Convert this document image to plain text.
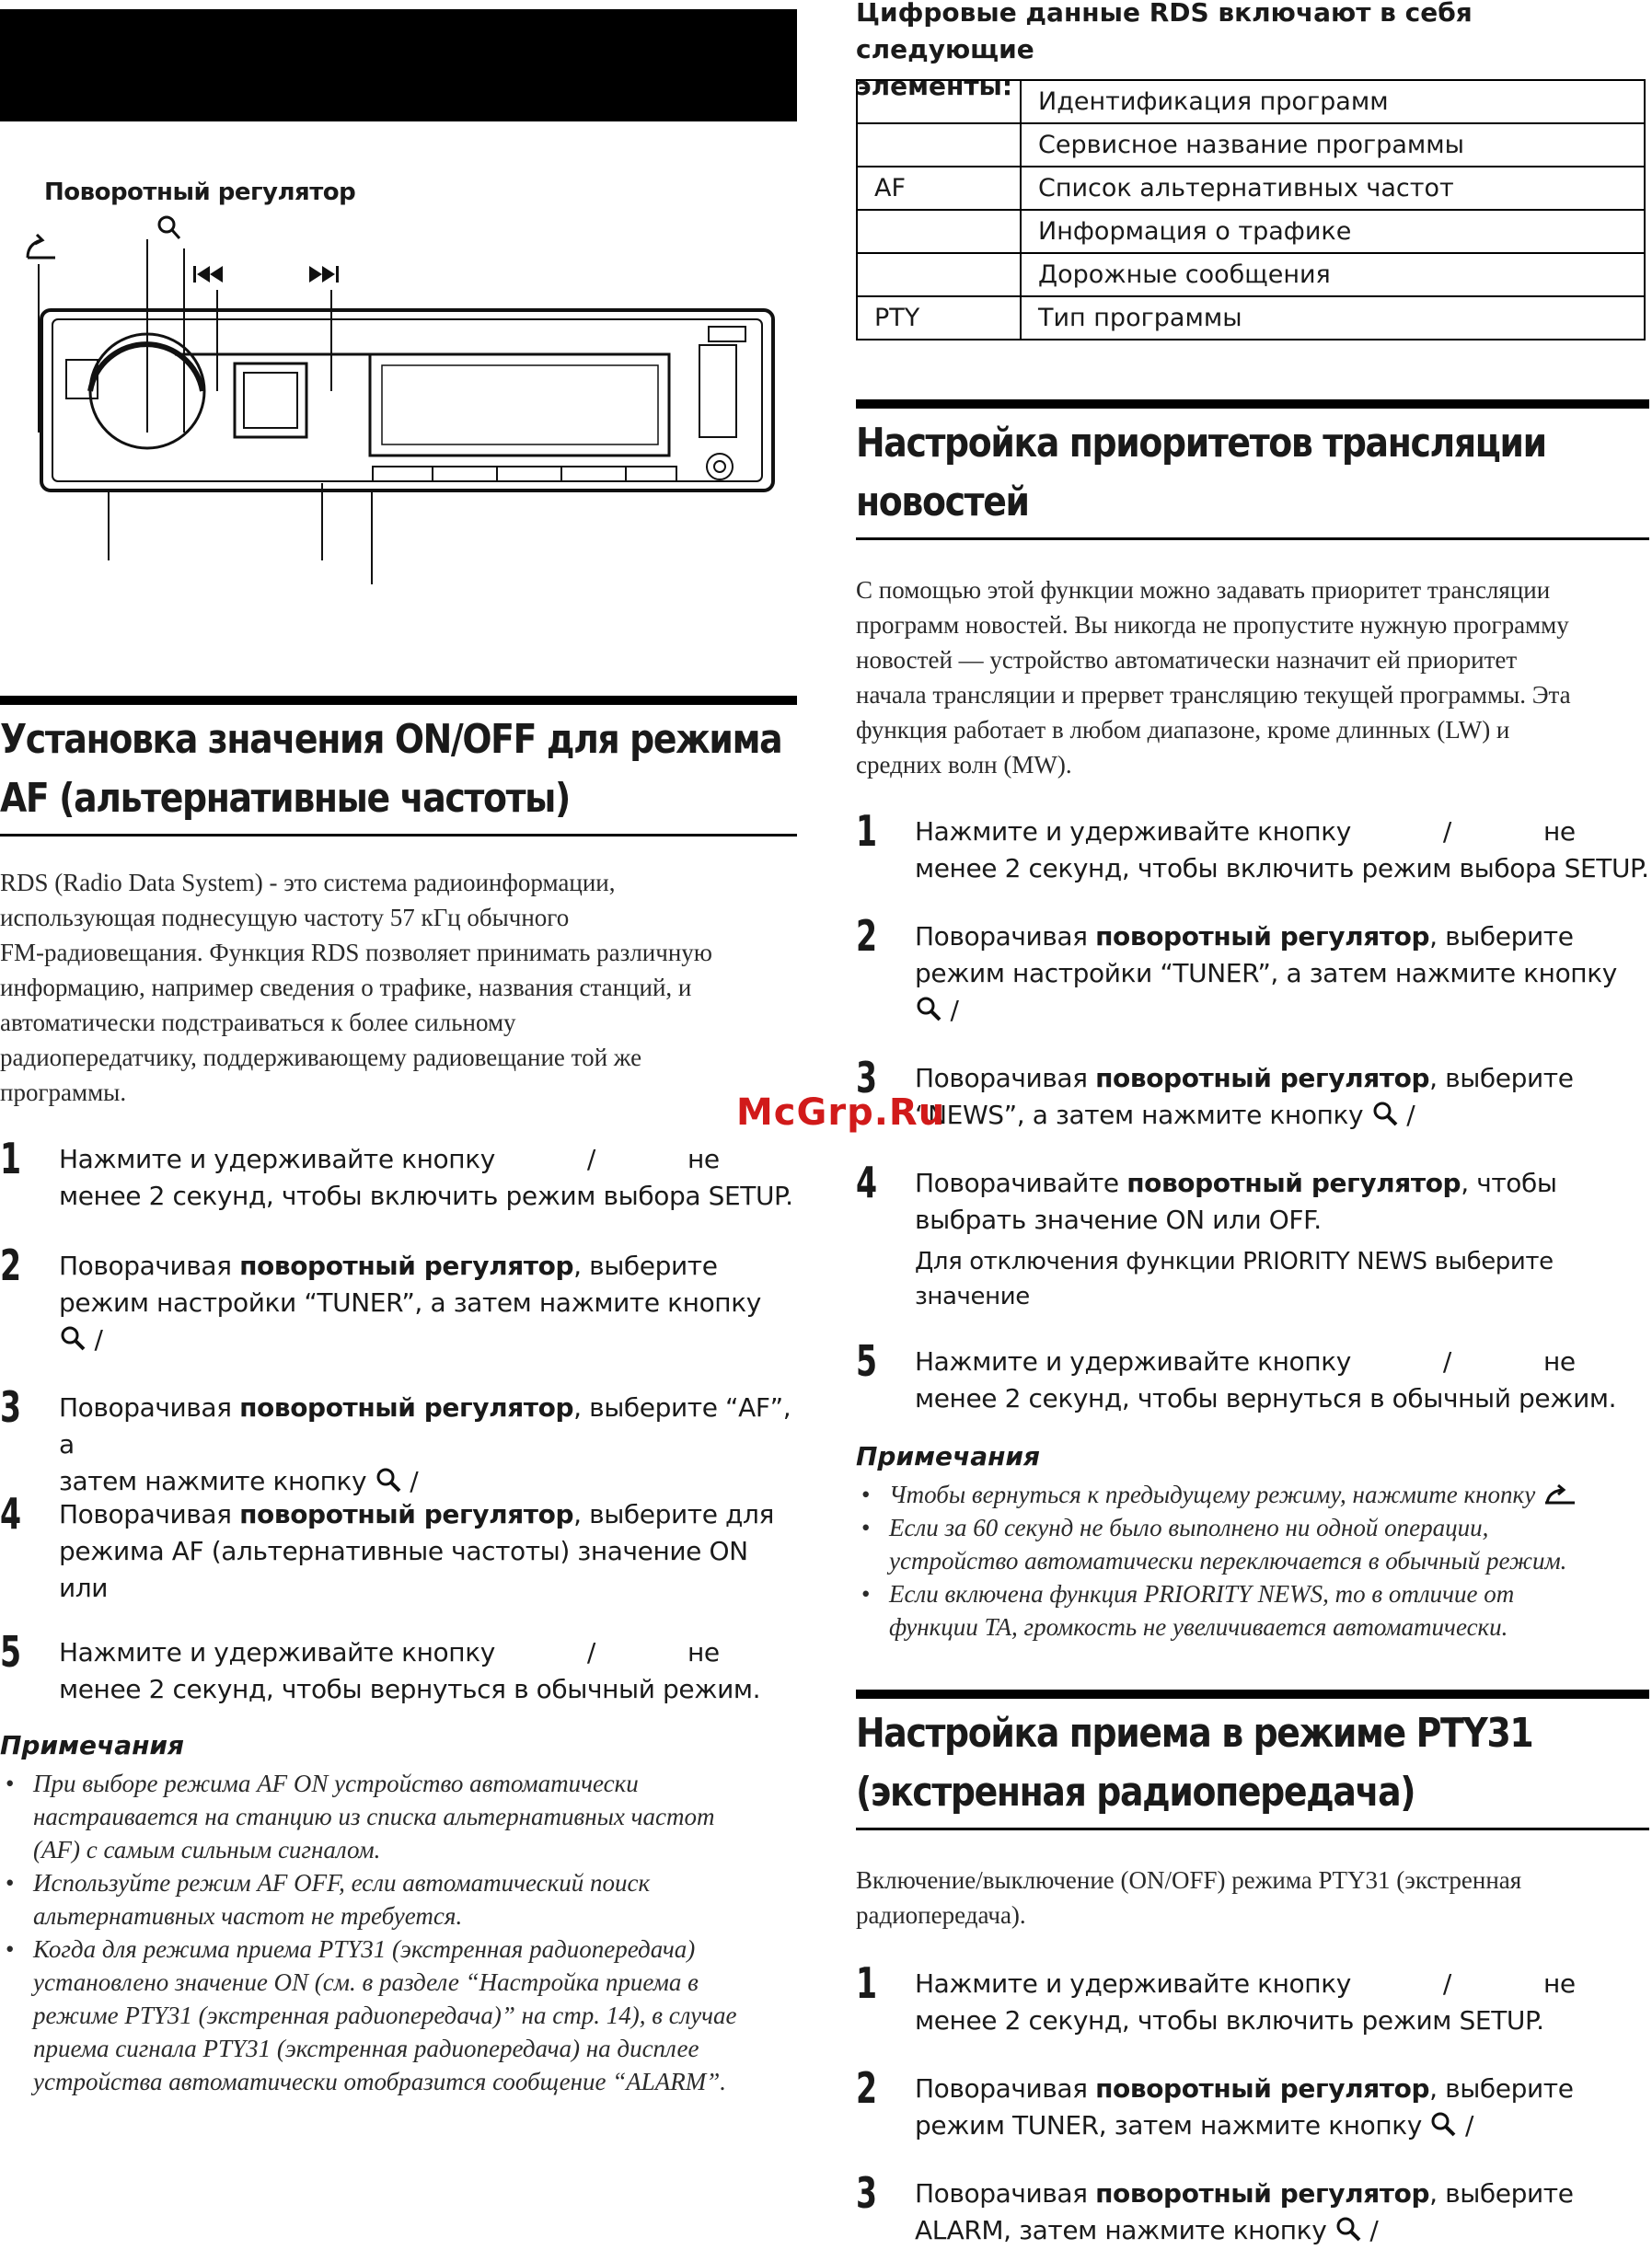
Поворотный регулятор
Установка значения ON/OFF для режима
AF (альтернативные частоты)
RDS (Radio Data System) - это система радиоинформации,
использующая поднесущую частоту 57 кГц обычного
FM-радиовещания. Функция RDS позволяет принимать различную
информацию, например сведения о трафике, названия станций, и
автоматически подстраиваться к более сильному
радиопередатчику, поддерживающему радиовещание той же
программы.
1 Нажмите и удерживайте кнопку	/	не
менее 2 секунд, чтобы включить режим выбора SETUP.
2 Поворачивая поворотный регулятор, выберите
режим настройки “TUNER”, а затем нажмите кнопку
/
3 Поворачивая поворотный регулятор, выберите “AF”, а
затем нажмите кнопку /
4 Поворачивая поворотный регулятор, выберите для
режима AF (альтернативные частоты) значение ON или
5 Нажмите и удерживайте кнопку	/	не
менее 2 секунд, чтобы вернуться в обычный режим.
Примечания
• При выборе режима AF ON устройство автоматически
настраивается на станцию из списка альтернативных частот
(AF) с самым сильным сигналом.
• Используйте режим AF OFF, если автоматический поиск
альтернативных частот не требуется.
• Когда для режима приема PTY31 (экстренная радиопередача)
установлено значение ON (см. в разделе “Настройка приема в
режиме PTY31 (экстренная радиопередача)” на стр. 14), в случае
приема сигнала PTY31 (экстренная радиопередача) на дисплее
устройства автоматически отобразится сообщение “ALARM”.
Цифровые данные RDS включают в себя следующие
элементы:
	Идентификация программ
	Сервисное название программы
AF	Список альтернативных частот
	Информация о трафике
	Дорожные сообщения
PTY	Тип программы
Настройка приоритетов трансляции
новостей
С помощью этой функции можно задавать приоритет трансляции
программ новостей. Вы никогда не пропустите нужную программу
новостей — устройство автоматически назначит ей приоритет
начала трансляции и прервет трансляцию текущей программы. Эта
функция работает в любом диапазоне, кроме длинных (LW) и
средних волн (MW).
1 Нажмите и удерживайте кнопку	/	не
менее 2 секунд, чтобы включить режим выбора SETUP.
2 Поворачивая поворотный регулятор, выберите
режим настройки “TUNER”, а затем нажмите кнопку
/
3 Поворачивая поворотный регулятор, выберите
“NEWS”, а затем нажмите кнопку /
4 Поворачивайте поворотный регулятор, чтобы
выбрать значение ON или OFF.
Для отключения функции PRIORITY NEWS выберите значение
5 Нажмите и удерживайте кнопку	/	не
менее 2 секунд, чтобы вернуться в обычный режим.
Примечания
• Чтобы вернуться к предыдущему режиму, нажмите кнопку
• Если за 60 секунд не было выполнено ни одной операции,
устройство автоматически переключается в обычный режим.
• Если включена функция PRIORITY NEWS, то в отличие от
функции TA, громкость не увеличивается автоматически.
Настройка приема в режиме PTY31
(экстренная радиопередача)
Включение/выключение (ON/OFF) режима PTY31 (экстренная
радиопередача).
1 Нажмите и удерживайте кнопку	/	не
менее 2 секунд, чтобы включить режим SETUP.
2 Поворачивая поворотный регулятор, выберите
режим TUNER, затем нажмите кнопку /
3 Поворачивая поворотный регулятор, выберите
ALARM, затем нажмите кнопку /
McGrp.Ru
